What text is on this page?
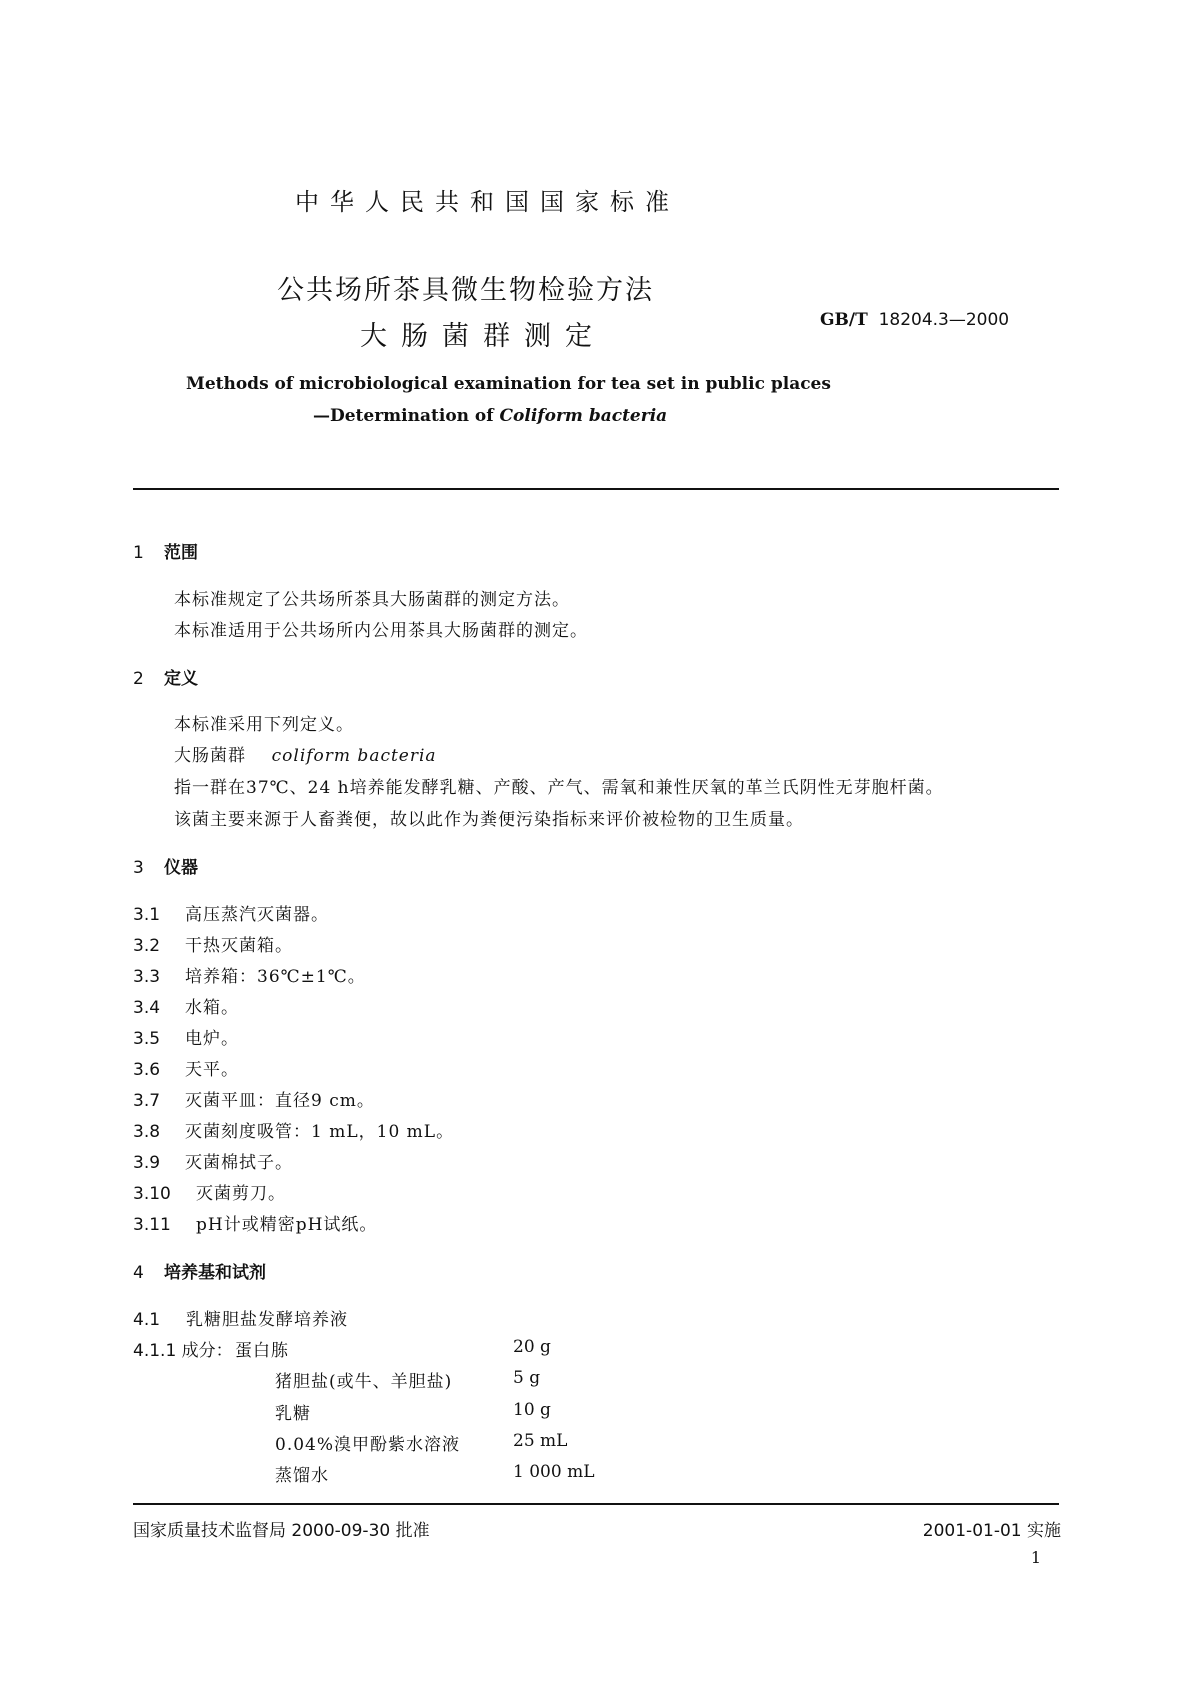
中华人民共和国国家标准
公共场所茶具微生物检验方法
大肠菌群测定
GB/T 18204.3—2000
Methods of microbiological examination for tea set in public places
—Determination of Coliform bacteria
1 范围
本标准规定了公共场所茶具大肠菌群的测定方法。
本标准适用于公共场所内公用茶具大肠菌群的测定。
2 定义
本标准采用下列定义。
大肠菌群 coliform bacteria
指一群在37℃、24 h培养能发酵乳糖、产酸、产气、需氧和兼性厌氧的革兰氏阴性无芽胞杆菌。
该菌主要来源于人畜粪便，故以此作为粪便污染指标来评价被检物的卫生质量。
3 仪器
3.1 高压蒸汽灭菌器。
3.2 干热灭菌箱。
3.3 培养箱：36℃±1℃。
3.4 水箱。
3.5 电炉。
3.6 天平。
3.7 灭菌平皿：直径9 cm。
3.8 灭菌刻度吸管：1 mL，10 mL。
3.9 灭菌棉拭子。
3.10 灭菌剪刀。
3.11 pH计或精密pH试纸。
4 培养基和试剂
4.1 乳糖胆盐发酵培养液
4.1.1 成分： 蛋白胨	20 g
猪胆盐(或牛、羊胆盐)	5 g
乳糖	10 g
0.04%溴甲酚紫水溶液	25 mL
蒸馏水	1 000 mL
国家质量技术监督局 2000-09-30 批准	2001-01-01 实施
1
